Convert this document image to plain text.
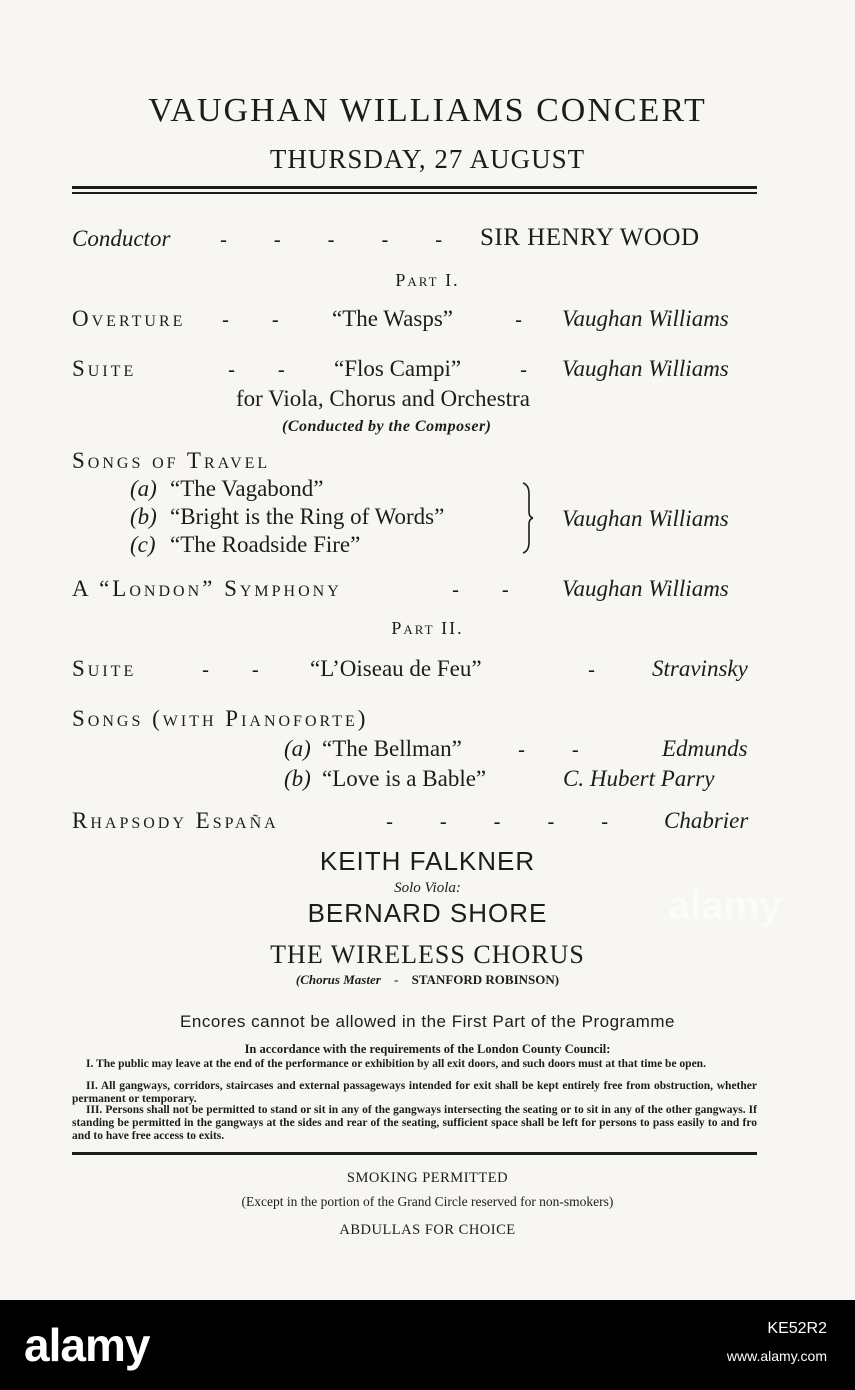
VAUGHAN WILLIAMS CONCERT
THURSDAY, 27 AUGUST
Conductor - - - - - SIR HENRY WOOD
Part I.
Overture - - “The Wasps”	- Vaughan Williams
Suite	- - “Flos Campi”	- Vaughan Williams
for Viola, Chorus and Orchestra
(Conducted by the Composer)
Songs of Travel
(a) “The Vagabond”
(b) “Bright is the Ring of Words”
(c) “The Roadside Fire”
Vaughan Williams
A “London” Symphony	- - Vaughan Williams
Part II.
Suite	- - “L’Oiseau de Feu”	- Stravinsky
Songs (with Pianoforte)
(a) “The Bellman”	- -	Edmunds
(b) “Love is a Bable”	C. Hubert Parry
Rhapsody España	- - - - - Chabrier
KEITH FALKNER
Solo Viola:
BERNARD SHORE
THE WIRELESS CHORUS
(Chorus Master - STANFORD ROBINSON)
Encores cannot be allowed in the First Part of the Programme
In accordance with the requirements of the London County Council:
I. The public may leave at the end of the performance or exhibition by all exit doors, and such doors must at that time be open.
II. All gangways, corridors, staircases and external passageways intended for exit shall be kept entirely free from obstruction, whether permanent or temporary.
III. Persons shall not be permitted to stand or sit in any of the gangways intersecting the seating or to sit in any of the other gangways. If standing be permitted in the gangways at the sides and rear of the seating, sufficient space shall be left for persons to pass easily to and fro and to have free access to exits.
SMOKING PERMITTED
(Except in the portion of the Grand Circle reserved for non-smokers)
ABDULLAS FOR CHOICE
alamy
alamy	KE52R2
www.alamy.com
